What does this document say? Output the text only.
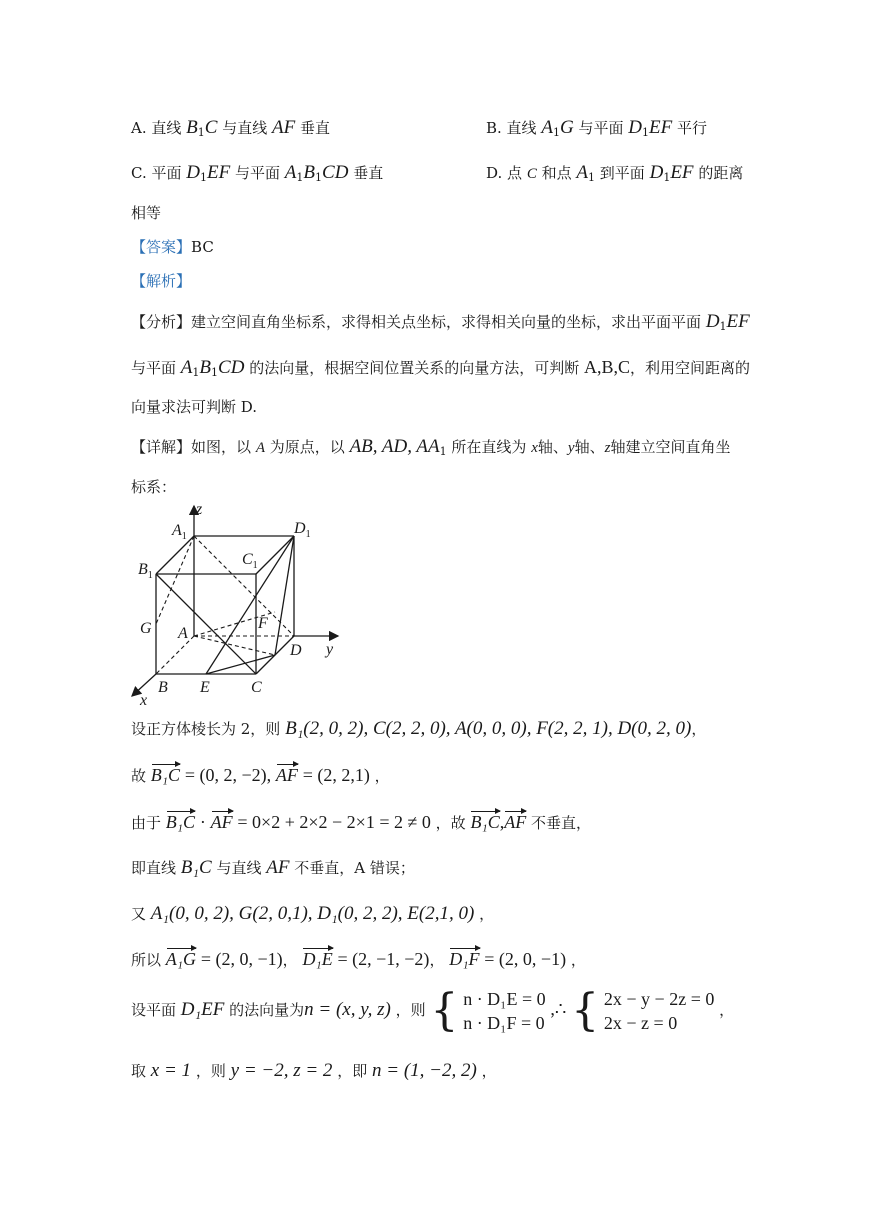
A. 直线 $B_1C$ 与直线 AF 垂直	B. 直线 $A_1G$ 与平面 $D_1EF$ 平行
C. 平面 $D_1EF$ 与平面 $A_1B_1CD$ 垂直	D. 点 C 和点 $A_1$ 到平面 $D_1EF$ 的距离
相等
【答案】BC
【解析】
【分析】建立空间直角坐标系，求得相关点坐标，求得相关向量的坐标，求出平面平面 $D_1EF$
与平面 $A_1B_1CD$ 的法向量，根据空间位置关系的向量方法，可判断 A,B,C，利用空间距离的
向量求法可判断 D.
【详解】如图，以 A 为原点，以 AB, AD, $AA_1$ 所在直线为 x轴、y轴、z轴建立空间直角坐
标系：
z
y
x
$A_1$	$D_1$
$B_1$
$C_1$
G A
F
D
B E	C
设正方体棱长为 2，则 B₁(2, 0, 2), C(2, 2, 0), A(0, 0, 0), F(2, 2, 1), D(0, 2, 0)，
故 B₁C = (0, 2, −2), AF = (2, 2,1) ，
由于 B₁C · AF = 0×2 + 2×2 − 2×1 = 2 ≠ 0 ，故 B₁C,AF 不垂直，
即直线 B₁C 与直线 AF 不垂直，A 错误；
又 A₁(0, 0, 2), G(2, 0,1), D₁(0, 2, 2), E(2,1, 0) ，
所以 A₁G = (2, 0, −1)， D₁E = (2, −1, −2)， D₁F = (2, 0, −1) ，
设平面 D₁EF 的法向量为n = (x, y, z) ，则 { n · D₁E = 0
n · D₁F = 0
,∴ { 2x − y − 2z = 0
2x − z = 0
，
取 x = 1 ，则 y = −2, z = 2 ，即 n = (1, −2, 2) ，
